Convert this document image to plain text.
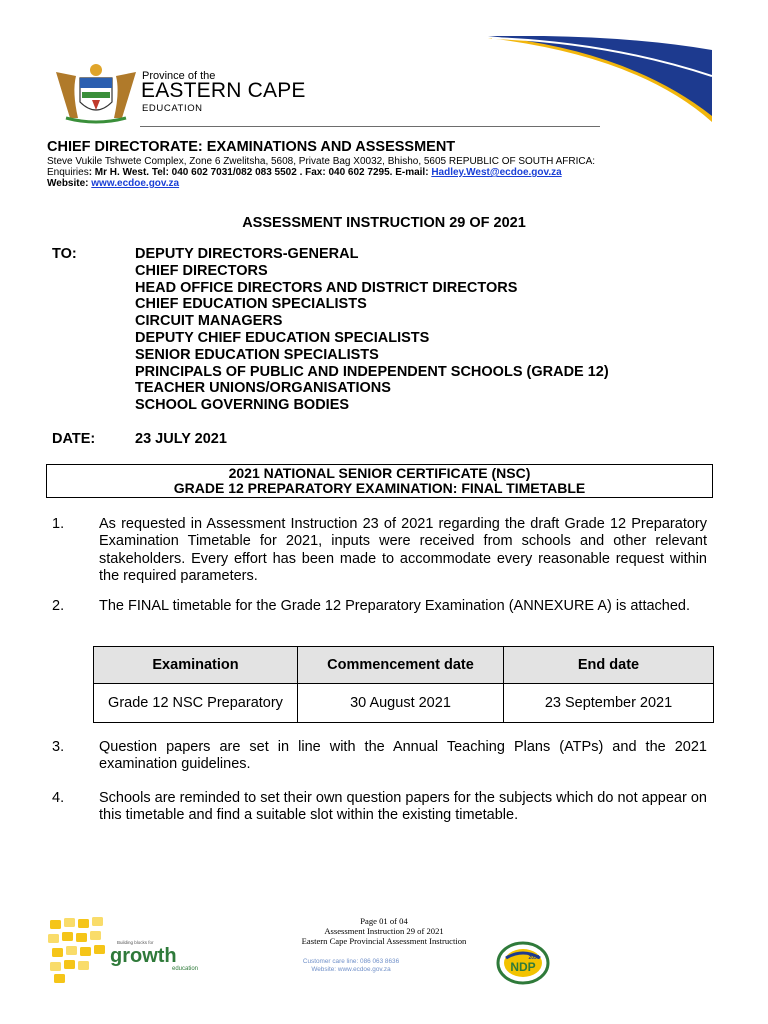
Province of the
EASTERN CAPE
EDUCATION
CHIEF DIRECTORATE: EXAMINATIONS AND ASSESSMENT
Steve Vukile Tshwete Complex, Zone 6 Zwelitsha, 5608, Private Bag X0032, Bhisho, 5605 REPUBLIC OF SOUTH AFRICA:
Enquiries: Mr H. West. Tel: 040 602 7031/082 083 5502 . Fax: 040 602 7295. E-mail: Hadley.West@ecdoe.gov.za
Website: www.ecdoe.gov.za
ASSESSMENT INSTRUCTION 29 OF 2021
TO:	DEPUTY DIRECTORS-GENERAL
CHIEF DIRECTORS
HEAD OFFICE DIRECTORS AND DISTRICT DIRECTORS
CHIEF EDUCATION SPECIALISTS
CIRCUIT MANAGERS
DEPUTY CHIEF EDUCATION SPECIALISTS
SENIOR EDUCATION SPECIALISTS
PRINCIPALS OF PUBLIC AND INDEPENDENT SCHOOLS (GRADE 12)
TEACHER UNIONS/ORGANISATIONS
SCHOOL GOVERNING BODIES
DATE:	23 JULY 2021
2021 NATIONAL SENIOR CERTIFICATE (NSC)
GRADE 12 PREPARATORY EXAMINATION: FINAL TIMETABLE
1. As requested in Assessment Instruction 23 of 2021 regarding the draft Grade 12 Preparatory Examination Timetable for 2021, inputs were received from schools and other relevant stakeholders. Every effort has been made to accommodate every reasonable request within the required parameters.
2. The FINAL timetable for the Grade 12 Preparatory Examination (ANNEXURE A) is attached.
Examination	Commencement date	End date
Grade 12 NSC Preparatory	30 August 2021	23 September 2021
3. Question papers are set in line with the Annual Teaching Plans (ATPs) and the 2021 examination guidelines.
4. Schools are reminded to set their own question papers for the subjects which do not appear on this timetable and find a suitable slot within the existing timetable.
Building blocks for
growth
education
Page 01 of 04
Assessment Instruction 29 of 2021
Eastern Cape Provincial Assessment Instruction
Customer care line: 086 063 8636
Website: www.ecdoe.gov.za	NDP
2030
